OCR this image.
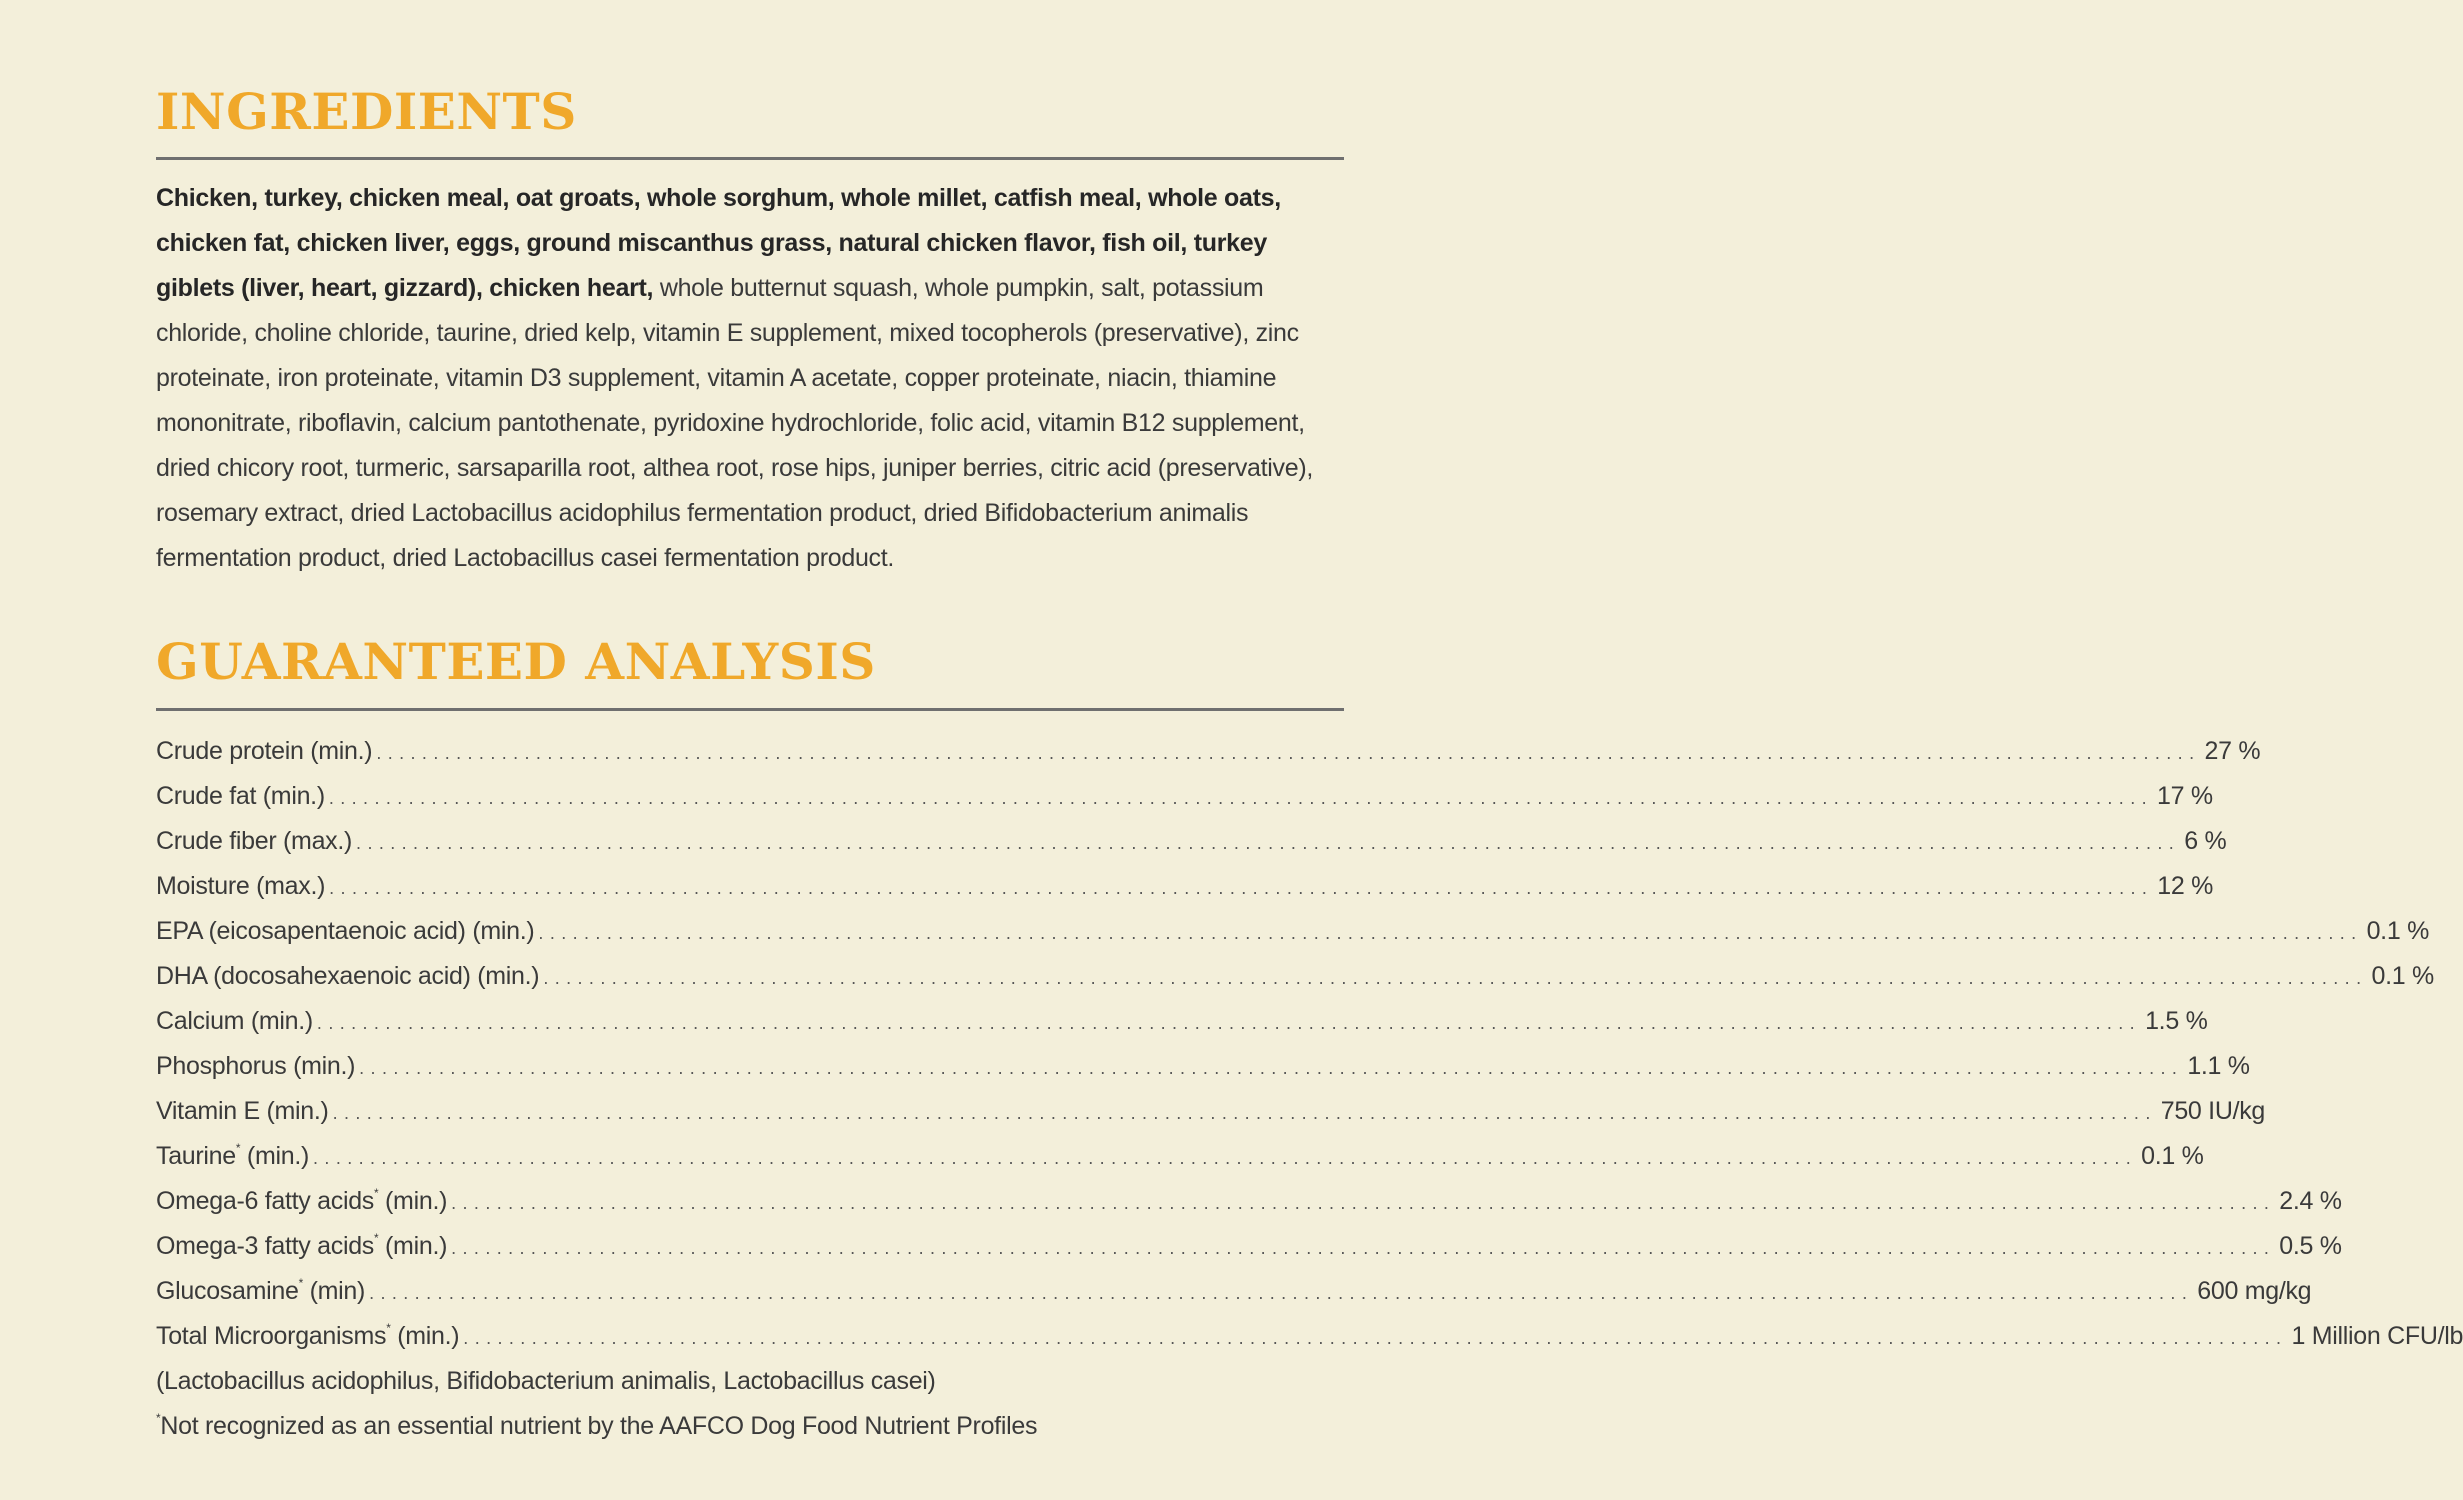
INGREDIENTS
Chicken, turkey, chicken meal, oat groats, whole sorghum, whole millet, catfish meal, whole oats, chicken fat, chicken liver, eggs, ground miscanthus grass, natural chicken flavor, fish oil, turkey giblets (liver, heart, gizzard), chicken heart, whole butternut squash, whole pumpkin, salt, potassium chloride, choline chloride, taurine, dried kelp, vitamin E supplement, mixed tocopherols (preservative), zinc proteinate, iron proteinate, vitamin D3 supplement, vitamin A acetate, copper proteinate, niacin, thiamine mononitrate, riboflavin, calcium pantothenate, pyridoxine hydrochloride, folic acid, vitamin B12 supplement, dried chicory root, turmeric, sarsaparilla root, althea root, rose hips, juniper berries, citric acid (preservative), rosemary extract, dried Lactobacillus acidophilus fermentation product, dried Bifidobacterium animalis fermentation product, dried Lactobacillus casei fermentation product.
GUARANTEED ANALYSIS
Crude protein (min.) ................................................................................................................................................................ 27 %
Crude fat (min.) ................................................................................................................................................................ 17 %
Crude fiber (max.) ................................................................................................................................................................ 6 %
Moisture (max.) ................................................................................................................................................................ 12 %
EPA (eicosapentaenoic acid) (min.) ................................................................................................................................................................ 0.1 %
DHA (docosahexaenoic acid) (min.) ................................................................................................................................................................ 0.1 %
Calcium (min.) ................................................................................................................................................................ 1.5 %
Phosphorus (min.) ................................................................................................................................................................ 1.1 %
Vitamin E (min.) ................................................................................................................................................................ 750 IU/kg
Taurine* (min.) ................................................................................................................................................................ 0.1 %
Omega-6 fatty acids* (min.) ................................................................................................................................................................ 2.4 %
Omega-3 fatty acids* (min.) ................................................................................................................................................................ 0.5 %
Glucosamine* (min) ................................................................................................................................................................ 600 mg/kg
Total Microorganisms* (min.) ................................................................................................................................................................ 1 Million CFU/lb
(Lactobacillus acidophilus, Bifidobacterium animalis, Lactobacillus casei)
*Not recognized as an essential nutrient by the AAFCO Dog Food Nutrient Profiles
